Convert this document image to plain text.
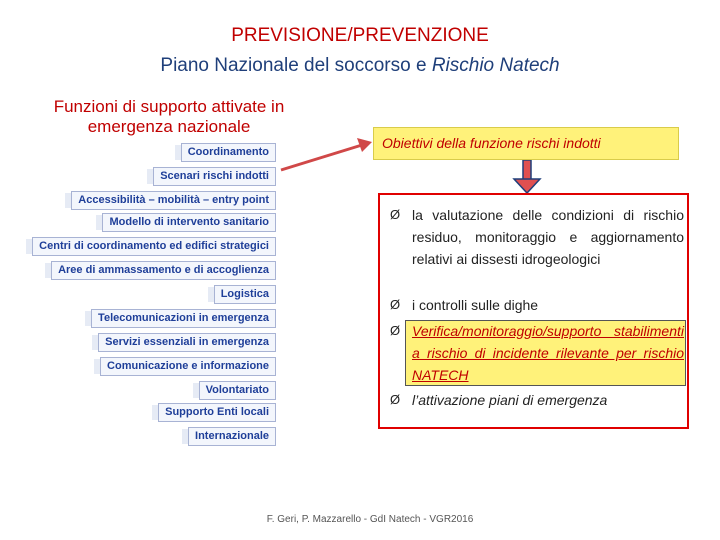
PREVISIONE/PREVENZIONE
Piano Nazionale del soccorso e Rischio Natech
Funzioni di supporto attivate in
emergenza nazionale
Coordinamento
Scenari rischi indotti
Accessibilità – mobilità – entry point
Modello di intervento sanitario
Centri di coordinamento ed edifici strategici
Aree di ammassamento e di accoglienza
Logistica
Telecomunicazioni in emergenza
Servizi essenziali in emergenza
Comunicazione e informazione
Volontariato
Supporto Enti locali
Internazionale
Obiettivi della funzione rischi indotti
Ø la valutazione delle condizioni di rischio residuo, monitoraggio e aggiornamento relativi ai dissesti idrogeologici
Ø i controlli sulle dighe
Ø Verifica/monitoraggio/supporto stabilimenti a rischio di incidente rilevante per rischio NATECH
Ø l’attivazione piani di emergenza
F. Geri, P. Mazzarello - GdI Natech - VGR2016
